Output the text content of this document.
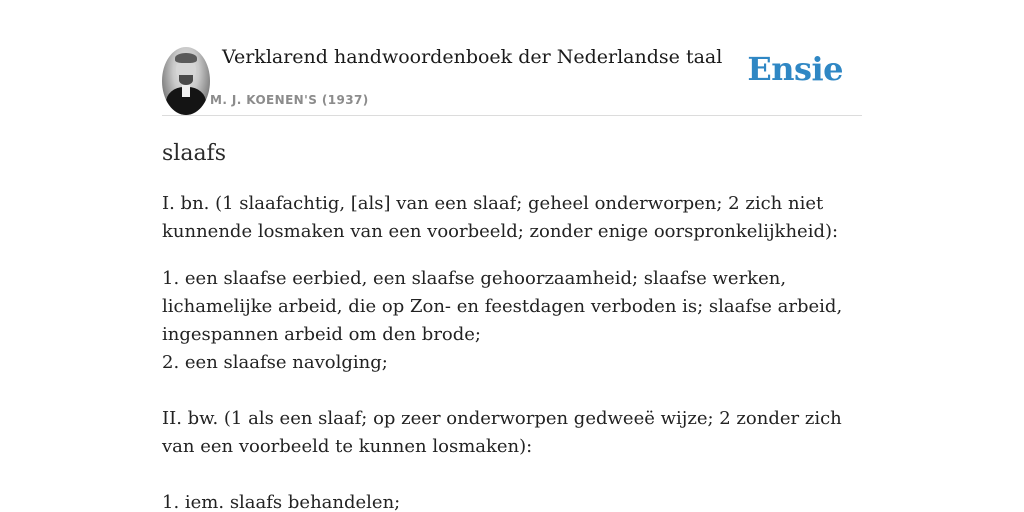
Verklarend handwoordenboek der Nederlandse taal
M. J. KOENEN'S (1937)
Ensie
slaafs

I. bn. (1 slaafachtig, [als] van een slaaf; geheel onderworpen; 2 zich niet kunnende losmaken van een voorbeeld; zonder enige oorspronkelijkheid):

1. een slaafse eerbied, een slaafse gehoorzaamheid; slaafse werken, lichamelijke arbeid, die op Zon- en feestdagen verboden is; slaafse arbeid, ingespannen arbeid om den brode;
2. een slaafse navolging;
II. bw. (1 als een slaaf; op zeer onderworpen gedweeë wijze; 2 zonder zich van een voorbeeld te kunnen losmaken):
1. iem. slaafs behandelen;
